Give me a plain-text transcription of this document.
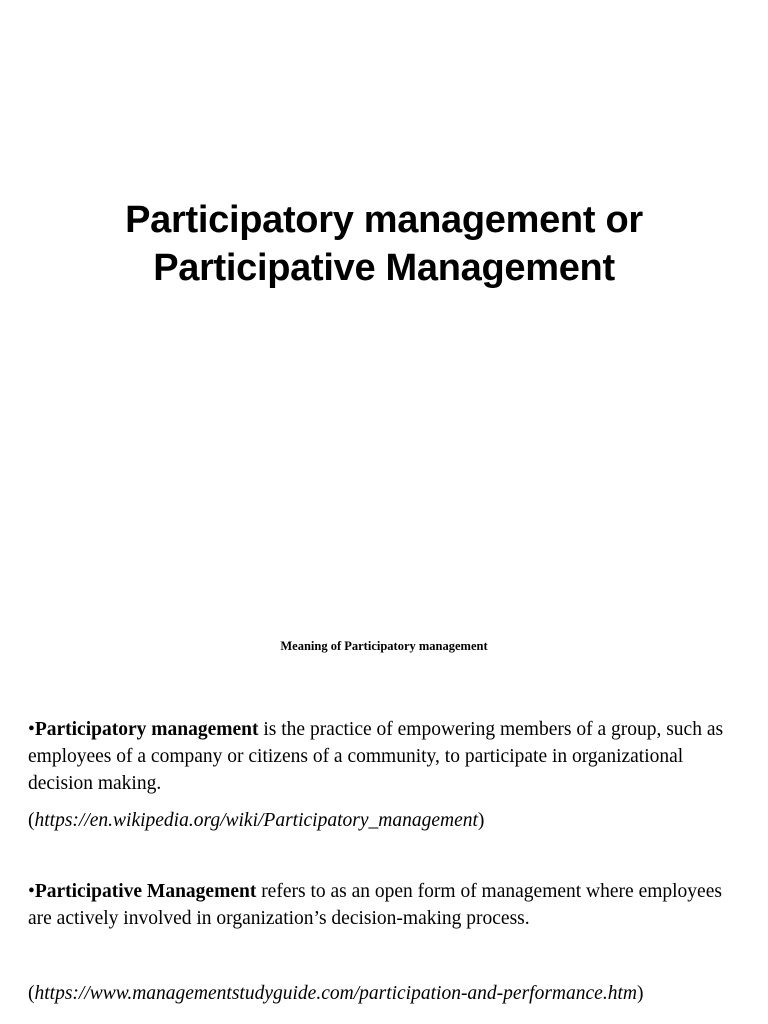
Participatory management or
Participative Management

Meaning of Participatory management

•Participatory management is the practice of empowering members of a group, such as employees of a company or citizens of a community, to participate in organizational decision making.

(https://en.wikipedia.org/wiki/Participatory_management)

•Participative Management refers to as an open form of management where employees are actively involved in organization’s decision-making process.

(https://www.managementstudyguide.com/participation-and-performance.htm)
